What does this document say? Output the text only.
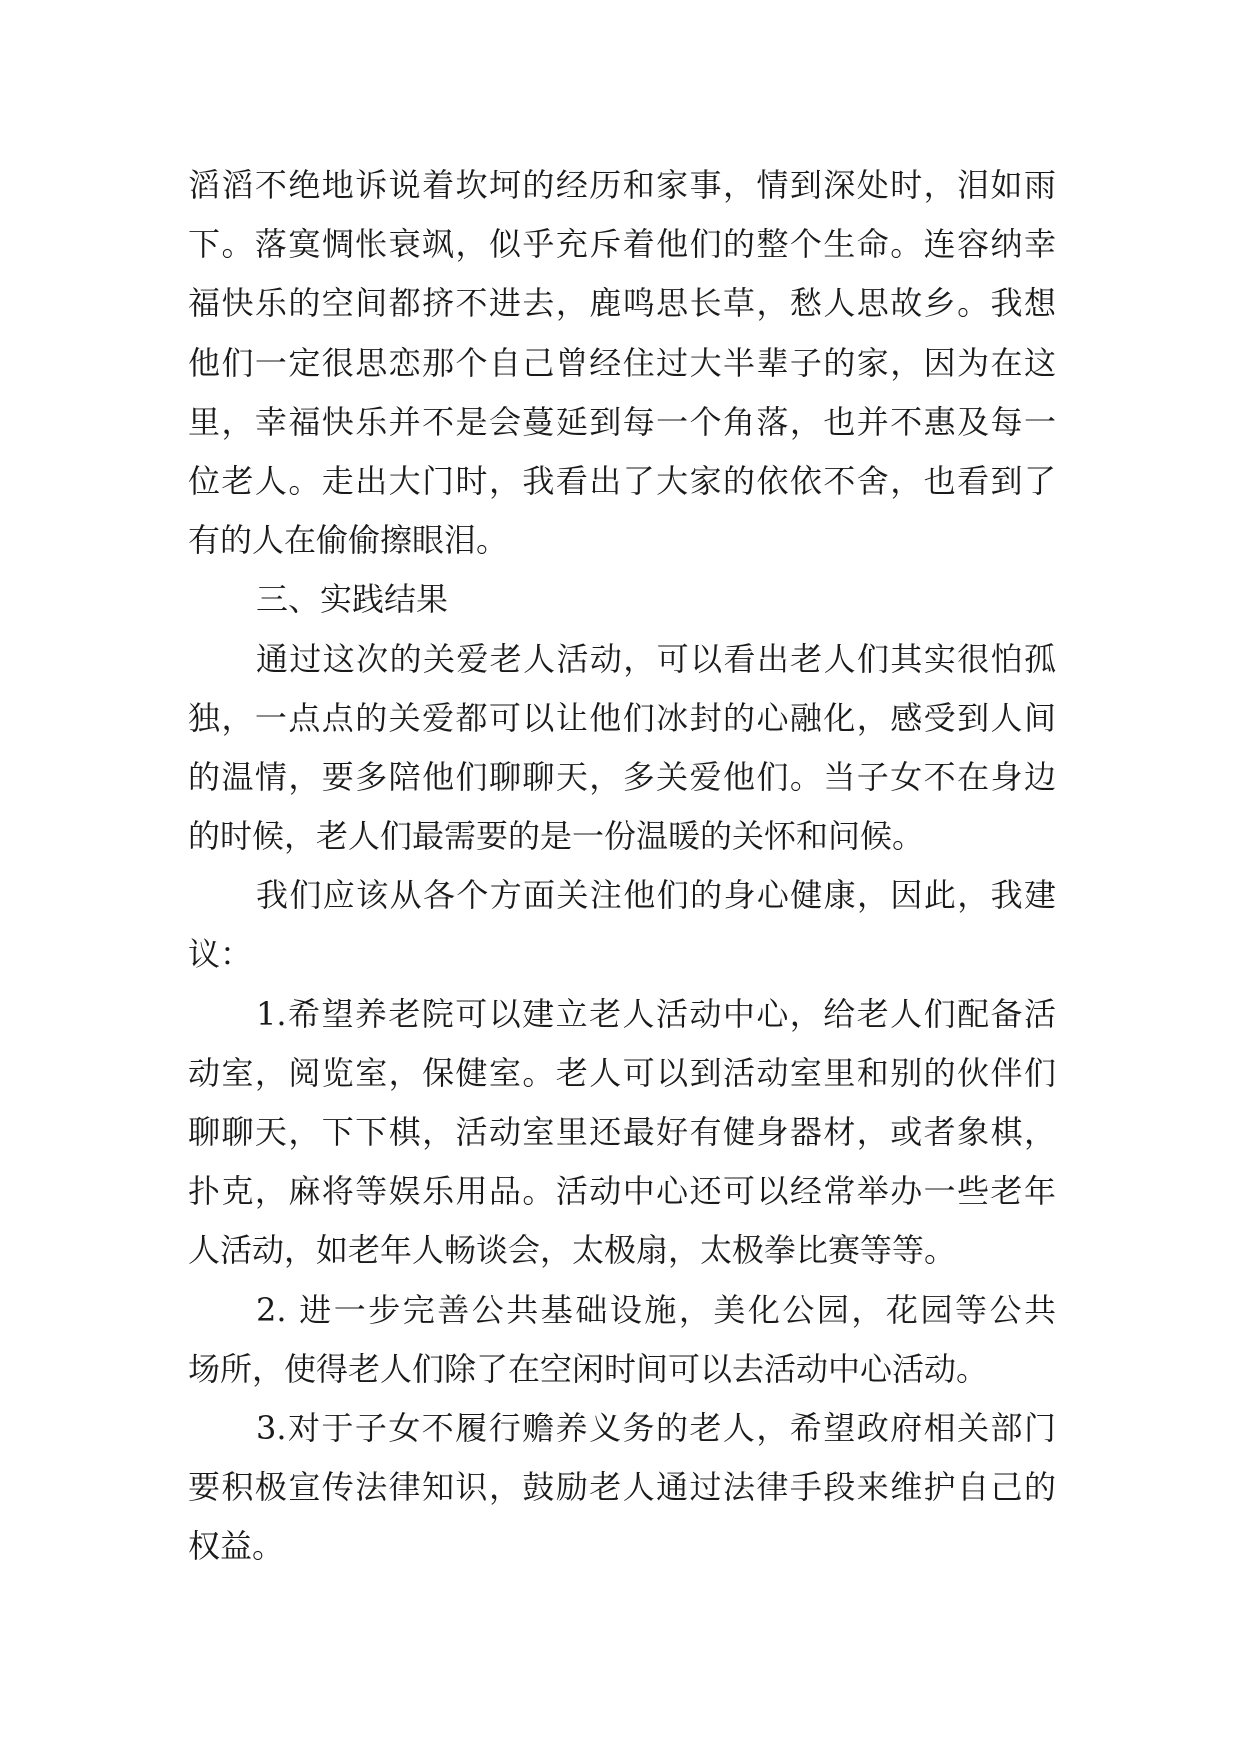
滔滔不绝地诉说着坎坷的经历和家事，情到深处时，泪如雨
下。落寞惆怅衰飒，似乎充斥着他们的整个生命。连容纳幸
福快乐的空间都挤不进去，鹿鸣思长草，愁人思故乡。我想
他们一定很思恋那个自己曾经住过大半辈子的家，因为在这
里，幸福快乐并不是会蔓延到每一个角落，也并不惠及每一
位老人。走出大门时，我看出了大家的依依不舍，也看到了
有的人在偷偷擦眼泪。
三、实践结果
通过这次的关爱老人活动，可以看出老人们其实很怕孤
独，一点点的关爱都可以让他们冰封的心融化，感受到人间
的温情，要多陪他们聊聊天，多关爱他们。当子女不在身边
的时候，老人们最需要的是一份温暖的关怀和问候。
我们应该从各个方面关注他们的身心健康，因此，我建
议：
1.希望养老院可以建立老人活动中心，给老人们配备活
动室，阅览室，保健室。老人可以到活动室里和别的伙伴们
聊聊天，下下棋，活动室里还最好有健身器材，或者象棋，
扑克，麻将等娱乐用品。活动中心还可以经常举办一些老年
人活动，如老年人畅谈会，太极扇，太极拳比赛等等。
2. 进一步完善公共基础设施，美化公园，花园等公共
场所，使得老人们除了在空闲时间可以去活动中心活动。
3.对于子女不履行赡养义务的老人，希望政府相关部门
要积极宣传法律知识，鼓励老人通过法律手段来维护自己的
权益。
